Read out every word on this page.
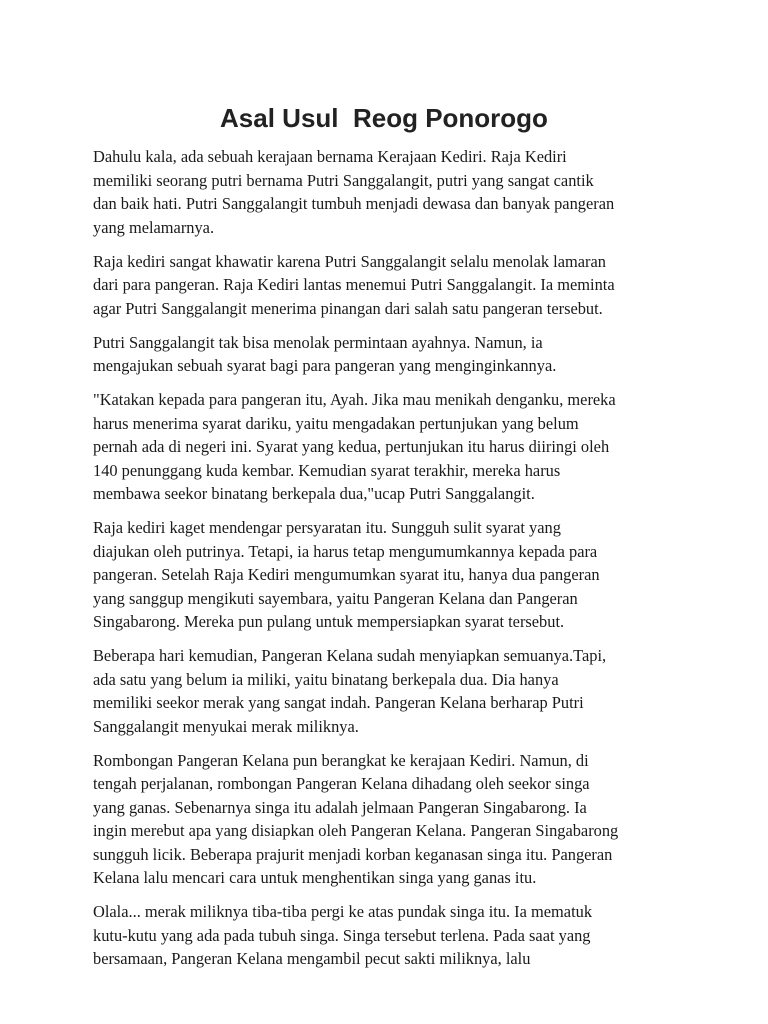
Asal Usul  Reog Ponorogo

Dahulu kala, ada sebuah kerajaan bernama Kerajaan Kediri. Raja Kediri
memiliki seorang putri bernama Putri Sanggalangit, putri yang sangat cantik
dan baik hati. Putri Sanggalangit tumbuh menjadi dewasa dan banyak pangeran
yang melamarnya.

Raja kediri sangat khawatir karena Putri Sanggalangit selalu menolak lamaran
dari para pangeran. Raja Kediri lantas menemui Putri Sanggalangit. Ia meminta
agar Putri Sanggalangit menerima pinangan dari salah satu pangeran tersebut.

Putri Sanggalangit tak bisa menolak permintaan ayahnya. Namun, ia
mengajukan sebuah syarat bagi para pangeran yang menginginkannya.

"Katakan kepada para pangeran itu, Ayah. Jika mau menikah denganku, mereka
harus menerima syarat dariku, yaitu mengadakan pertunjukan yang belum
pernah ada di negeri ini. Syarat yang kedua, pertunjukan itu harus diiringi oleh
140 penunggang kuda kembar. Kemudian syarat terakhir, mereka harus
membawa seekor binatang berkepala dua,"ucap Putri Sanggalangit.

Raja kediri kaget mendengar persyaratan itu. Sungguh sulit syarat yang
diajukan oleh putrinya. Tetapi, ia harus tetap mengumumkannya kepada para
pangeran. Setelah Raja Kediri mengumumkan syarat itu, hanya dua pangeran
yang sanggup mengikuti sayembara, yaitu Pangeran Kelana dan Pangeran
Singabarong. Mereka pun pulang untuk mempersiapkan syarat tersebut.

Beberapa hari kemudian, Pangeran Kelana sudah menyiapkan semuanya.Tapi,
ada satu yang belum ia miliki, yaitu binatang berkepala dua. Dia hanya
memiliki seekor merak yang sangat indah. Pangeran Kelana berharap Putri
Sanggalangit menyukai merak miliknya.

Rombongan Pangeran Kelana pun berangkat ke kerajaan Kediri. Namun, di
tengah perjalanan, rombongan Pangeran Kelana dihadang oleh seekor singa
yang ganas. Sebenarnya singa itu adalah jelmaan Pangeran Singabarong. Ia
ingin merebut apa yang disiapkan oleh Pangeran Kelana. Pangeran Singabarong
sungguh licik. Beberapa prajurit menjadi korban keganasan singa itu. Pangeran
Kelana lalu mencari cara untuk menghentikan singa yang ganas itu.

Olala... merak miliknya tiba-tiba pergi ke atas pundak singa itu. Ia mematuk
kutu-kutu yang ada pada tubuh singa. Singa tersebut terlena. Pada saat yang
bersamaan, Pangeran Kelana mengambil pecut sakti miliknya, lalu
